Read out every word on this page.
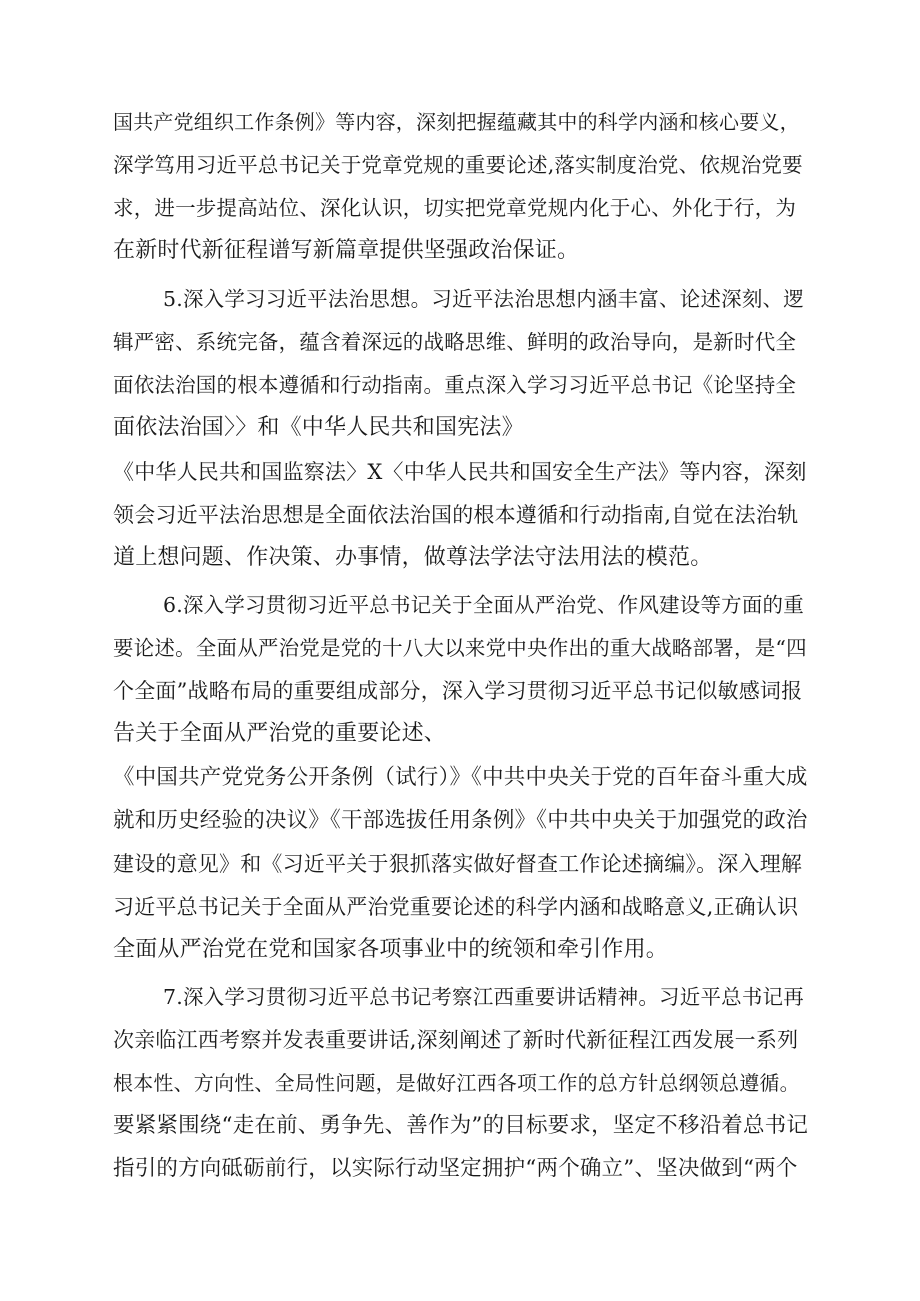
国共产党组织工作条例》等内容，深刻把握蕴藏其中的科学内涵和核心要义，
深学笃用习近平总书记关于党章党规的重要论述,落实制度治党、依规治党要
求，进一步提高站位、深化认识，切实把党章党规内化于心、外化于行，为
在新时代新征程谱写新篇章提供坚强政治保证。
5.深入学习习近平法治思想。习近平法治思想内涵丰富、论述深刻、逻
辑严密、系统完备，蕴含着深远的战略思维、鲜明的政治导向，是新时代全
面依法治国的根本遵循和行动指南。重点深入学习习近平总书记《论坚持全
面依法治国〉〉和《中华人民共和国宪法》
《中华人民共和国监察法〉X〈中华人民共和国安全生产法》等内容，深刻
领会习近平法治思想是全面依法治国的根本遵循和行动指南,自觉在法治轨
道上想问题、作决策、办事情，做尊法学法守法用法的模范。
6.深入学习贯彻习近平总书记关于全面从严治党、作风建设等方面的重
要论述。全面从严治党是党的十八大以来党中央作出的重大战略部署，是“四
个全面”战略布局的重要组成部分，深入学习贯彻习近平总书记似敏感词报
告关于全面从严治党的重要论述、
《中国共产党党务公开条例（试行）》《中共中央关于党的百年奋斗重大成
就和历史经验的决议》《干部选拔任用条例》《中共中央关于加强党的政治
建设的意见》和《习近平关于狠抓落实做好督查工作论述摘编》。深入理解
习近平总书记关于全面从严治党重要论述的科学内涵和战略意义,正确认识
全面从严治党在党和国家各项事业中的统领和牵引作用。
7.深入学习贯彻习近平总书记考察江西重要讲话精神。习近平总书记再
次亲临江西考察并发表重要讲话,深刻阐述了新时代新征程江西发展一系列
根本性、方向性、全局性问题，是做好江西各项工作的总方针总纲领总遵循。
要紧紧围绕“走在前、勇争先、善作为”的目标要求，坚定不移沿着总书记
指引的方向砥砺前行，以实际行动坚定拥护“两个确立”、坚决做到“两个
